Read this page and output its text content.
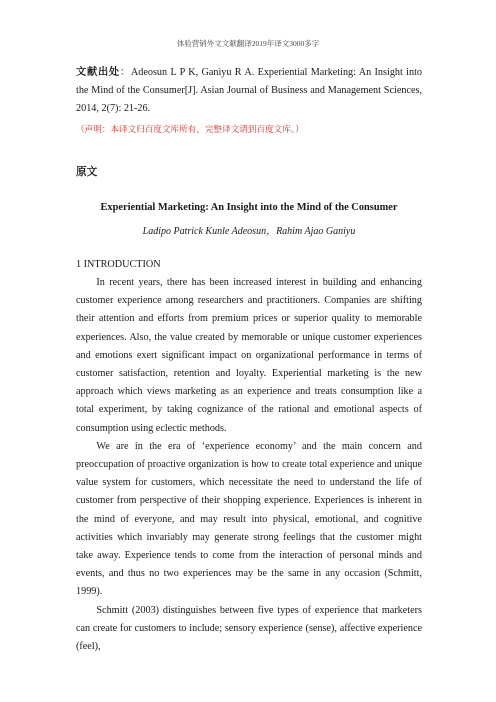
体验营销外文文献翻译2019年译文3000多字
文献出处：Adeosun L P K, Ganiyu R A. Experiential Marketing: An Insight into the Mind of the Consumer[J]. Asian Journal of Business and Management Sciences, 2014, 2(7): 21-26.
（声明：本译文归百度文库所有，完整译文请到百度文库。）
原文
Experiential Marketing: An Insight into the Mind of the Consumer
Ladipo Patrick Kunle Adeosun，Rahim Ajao Ganiyu
1 INTRODUCTION

In recent years, there has been increased interest in building and enhancing customer experience among researchers and practitioners. Companies are shifting their attention and efforts from premium prices or superior quality to memorable experiences. Also, the value created by memorable or unique customer experiences and emotions exert significant impact on organizational performance in terms of customer satisfaction, retention and loyalty. Experiential marketing is the new approach which views marketing as an experience and treats consumption like a total experiment, by taking cognizance of the rational and emotional aspects of consumption using eclectic methods.

We are in the era of ‘experience economy’ and the main concern and preoccupation of proactive organization is how to create total experience and unique value system for customers, which necessitate the need to understand the life of customer from perspective of their shopping experience. Experiences is inherent in the mind of everyone, and may result into physical, emotional, and cognitive activities which invariably may generate strong feelings that the customer might take away. Experience tends to come from the interaction of personal minds and events, and thus no two experiences may be the same in any occasion (Schmitt, 1999).

Schmitt (2003) distinguishes between five types of experience that marketers can create for customers to include; sensory experience (sense), affective experience (feel),
